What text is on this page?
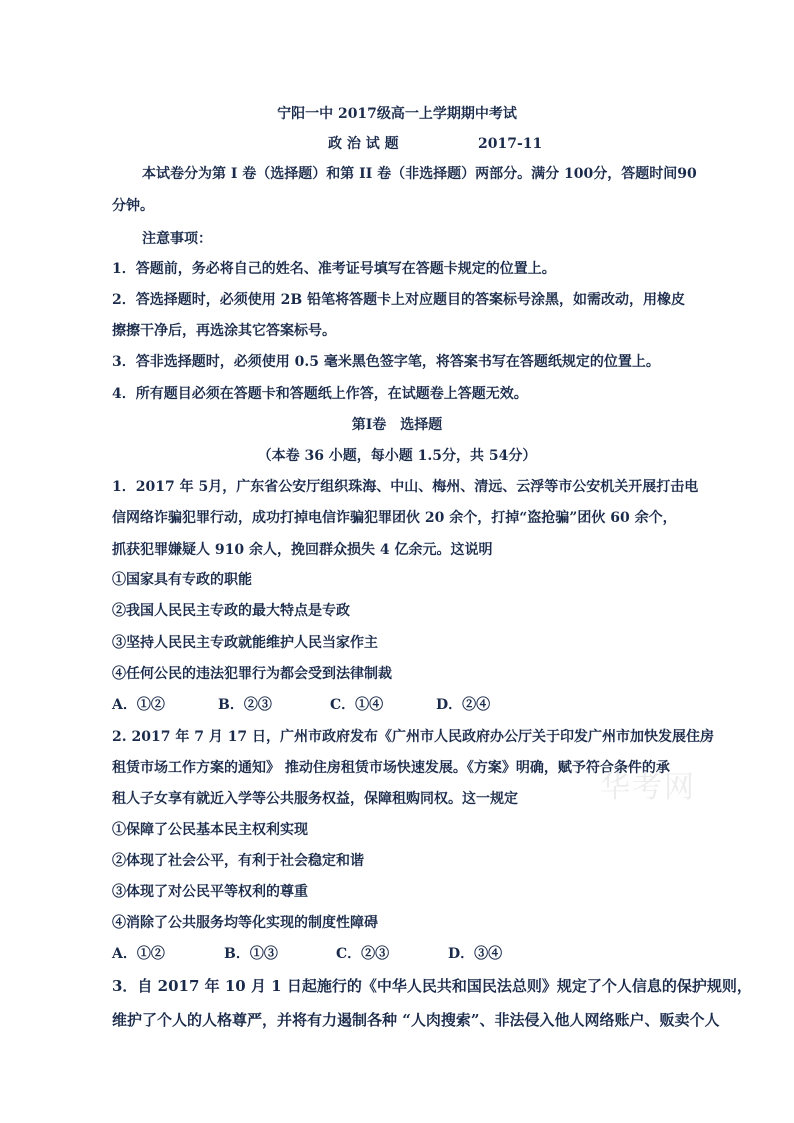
宁阳一中 2017级高一上学期期中考试
政 治 试 题	2017-11
本试卷分为第 I 卷（选择题）和第 II 卷（非选择题）两部分。满分 100分，答题时间90
分钟。
注意事项：
1．答题前，务必将自己的姓名、准考证号填写在答题卡规定的位置上。
2．答选择题时，必须使用 2B 铅笔将答题卡上对应题目的答案标号涂黑，如需改动，用橡皮
擦擦干净后，再选涂其它答案标号。
3．答非选择题时，必须使用 0.5 毫米黑色签字笔，将答案书写在答题纸规定的位置上。
4．所有题目必须在答题卡和答题纸上作答，在试题卷上答题无效。
第Ⅰ卷　选择题
（本卷 36 小题，每小题 1.5分，共 54分）
1．2017 年 5月，广东省公安厅组织珠海、中山、梅州、清远、云浮等市公安机关开展打击电
信网络诈骗犯罪行动，成功打掉电信诈骗犯罪团伙 20 余个，打掉“盗抢骗”团伙 60 余个，
抓获犯罪嫌疑人 910 余人，挽回群众损失 4 亿余元。这说明
①国家具有专政的职能
②我国人民民主专政的最大特点是专政
③坚持人民民主专政就能维护人民当家作主
④任何公民的违法犯罪行为都会受到法律制裁
A．①②	B．②③	C．①④	D．②④
2. 2017 年 7 月 17 日，广州市政府发布《广州市人民政府办公厅关于印发广州市加快发展住房
租赁市场工作方案的通知》 推动住房租赁市场快速发展。《方案》明确，赋予符合条件的承
租人子女享有就近入学等公共服务权益，保障租购同权。这一规定
①保障了公民基本民主权利实现
②体现了社会公平，有利于社会稳定和谐
③体现了对公民平等权利的尊重
④消除了公共服务均等化实现的制度性障碍
A．①②	B．①③	C．②③	D．③④
3．自 2017 年 10 月 1 日起施行的《中华人民共和国民法总则》规定了个人信息的保护规则，
维护了个人的人格尊严，并将有力遏制各种 “人肉搜索”、非法侵入他人网络账户、贩卖个人
华考网
